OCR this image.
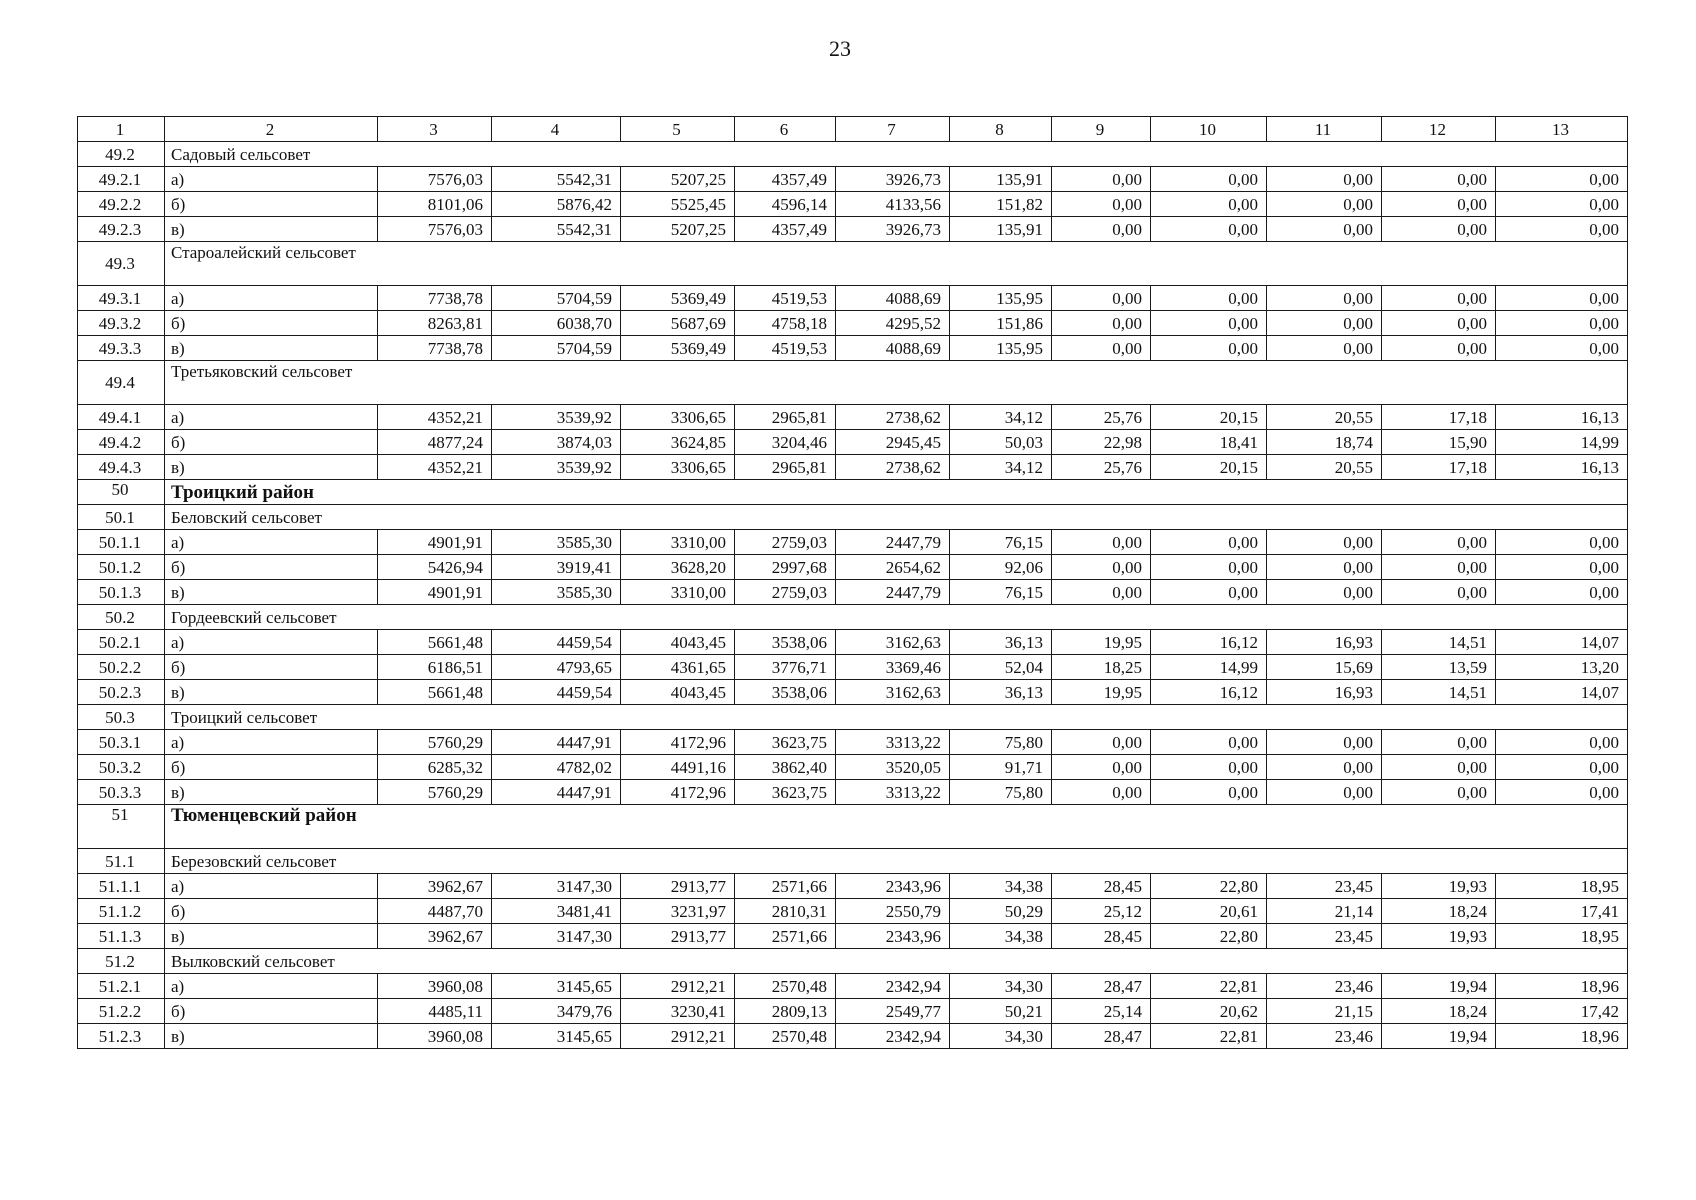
23
1	2	3	4	5	6	7	8	9	10	11	12	13
49.2	Садовый сельсовет											
49.2.1	а)	7576,03	5542,31	5207,25	4357,49	3926,73	135,91	0,00	0,00	0,00	0,00	0,00
49.2.2	б)	8101,06	5876,42	5525,45	4596,14	4133,56	151,82	0,00	0,00	0,00	0,00	0,00
49.2.3	в)	7576,03	5542,31	5207,25	4357,49	3926,73	135,91	0,00	0,00	0,00	0,00	0,00
49.3	Староалейский сельсовет											
49.3.1	а)	7738,78	5704,59	5369,49	4519,53	4088,69	135,95	0,00	0,00	0,00	0,00	0,00
49.3.2	б)	8263,81	6038,70	5687,69	4758,18	4295,52	151,86	0,00	0,00	0,00	0,00	0,00
49.3.3	в)	7738,78	5704,59	5369,49	4519,53	4088,69	135,95	0,00	0,00	0,00	0,00	0,00
49.4	Третьяковский сельсовет											
49.4.1	а)	4352,21	3539,92	3306,65	2965,81	2738,62	34,12	25,76	20,15	20,55	17,18	16,13
49.4.2	б)	4877,24	3874,03	3624,85	3204,46	2945,45	50,03	22,98	18,41	18,74	15,90	14,99
49.4.3	в)	4352,21	3539,92	3306,65	2965,81	2738,62	34,12	25,76	20,15	20,55	17,18	16,13
50	Троицкий район											
50.1	Беловский сельсовет											
50.1.1	а)	4901,91	3585,30	3310,00	2759,03	2447,79	76,15	0,00	0,00	0,00	0,00	0,00
50.1.2	б)	5426,94	3919,41	3628,20	2997,68	2654,62	92,06	0,00	0,00	0,00	0,00	0,00
50.1.3	в)	4901,91	3585,30	3310,00	2759,03	2447,79	76,15	0,00	0,00	0,00	0,00	0,00
50.2	Гордеевский сельсовет											
50.2.1	а)	5661,48	4459,54	4043,45	3538,06	3162,63	36,13	19,95	16,12	16,93	14,51	14,07
50.2.2	б)	6186,51	4793,65	4361,65	3776,71	3369,46	52,04	18,25	14,99	15,69	13,59	13,20
50.2.3	в)	5661,48	4459,54	4043,45	3538,06	3162,63	36,13	19,95	16,12	16,93	14,51	14,07
50.3	Троицкий сельсовет											
50.3.1	а)	5760,29	4447,91	4172,96	3623,75	3313,22	75,80	0,00	0,00	0,00	0,00	0,00
50.3.2	б)	6285,32	4782,02	4491,16	3862,40	3520,05	91,71	0,00	0,00	0,00	0,00	0,00
50.3.3	в)	5760,29	4447,91	4172,96	3623,75	3313,22	75,80	0,00	0,00	0,00	0,00	0,00
51	Тюменцевский район											
51.1	Березовский сельсовет											
51.1.1	а)	3962,67	3147,30	2913,77	2571,66	2343,96	34,38	28,45	22,80	23,45	19,93	18,95
51.1.2	б)	4487,70	3481,41	3231,97	2810,31	2550,79	50,29	25,12	20,61	21,14	18,24	17,41
51.1.3	в)	3962,67	3147,30	2913,77	2571,66	2343,96	34,38	28,45	22,80	23,45	19,93	18,95
51.2	Вылковский сельсовет											
51.2.1	а)	3960,08	3145,65	2912,21	2570,48	2342,94	34,30	28,47	22,81	23,46	19,94	18,96
51.2.2	б)	4485,11	3479,76	3230,41	2809,13	2549,77	50,21	25,14	20,62	21,15	18,24	17,42
51.2.3	в)	3960,08	3145,65	2912,21	2570,48	2342,94	34,30	28,47	22,81	23,46	19,94	18,96
